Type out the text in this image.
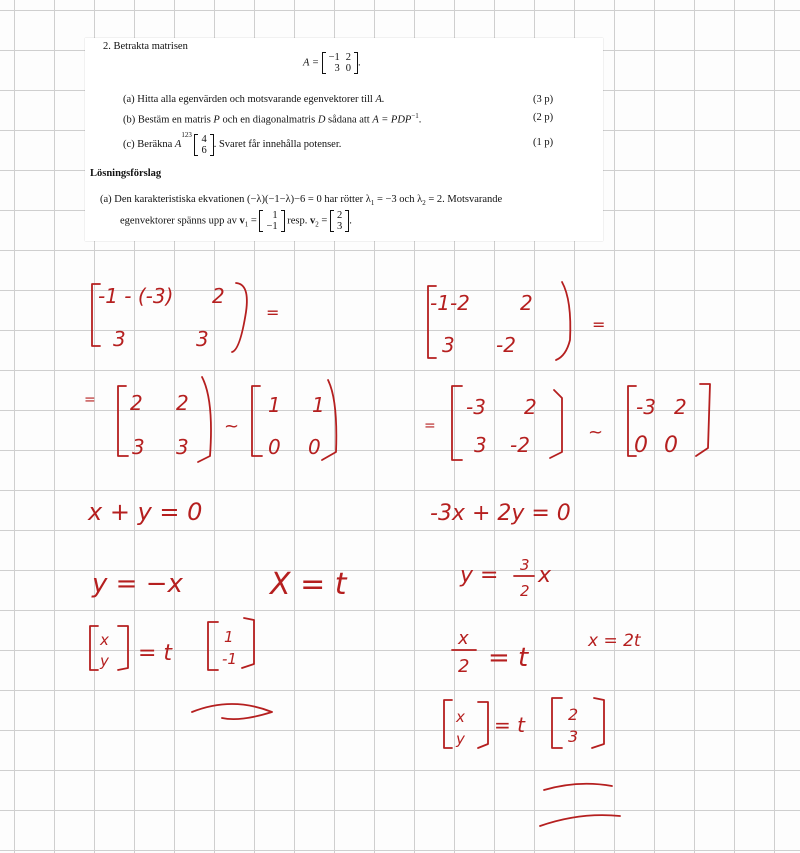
2. Betrakta matrisen
A = −1	2
3	0
.
(a) Hitta alla egenvärden och motsvarande egenvektorer till A.	(3 p)
(b) Bestäm en matris P och en diagonalmatris D sådana att $A = PDP^{-1}$.	(2 p)
(c) Beräkna $A^{123}$ 4
6 . Svaret får innehålla potenser.	(1 p)
Lösningsförslag
(a) Den karakteristiska ekvationen (−λ)(−1−λ)−6 = 0 har rötter $\lambda_1 = -3$ och $\lambda_2 = 2$. Motsvarande
egenvektorer spänns upp av $v_1 = 1$
−1 resp. $v_2 = 2$
3 .
-1 - (-3) 2
3	3
=
= 2 2
3 3
~
1 1
0 0
x + y = 0
y = −x	X = t
x
y = t
1
-1
-1-2	2
3 -2
=
=
-3 2
3 -2
~
-3 2
0 0
-3x + 2y = 0
y = 3
2
x
x
2 = t
x = 2t
x
y
= t	2
3
